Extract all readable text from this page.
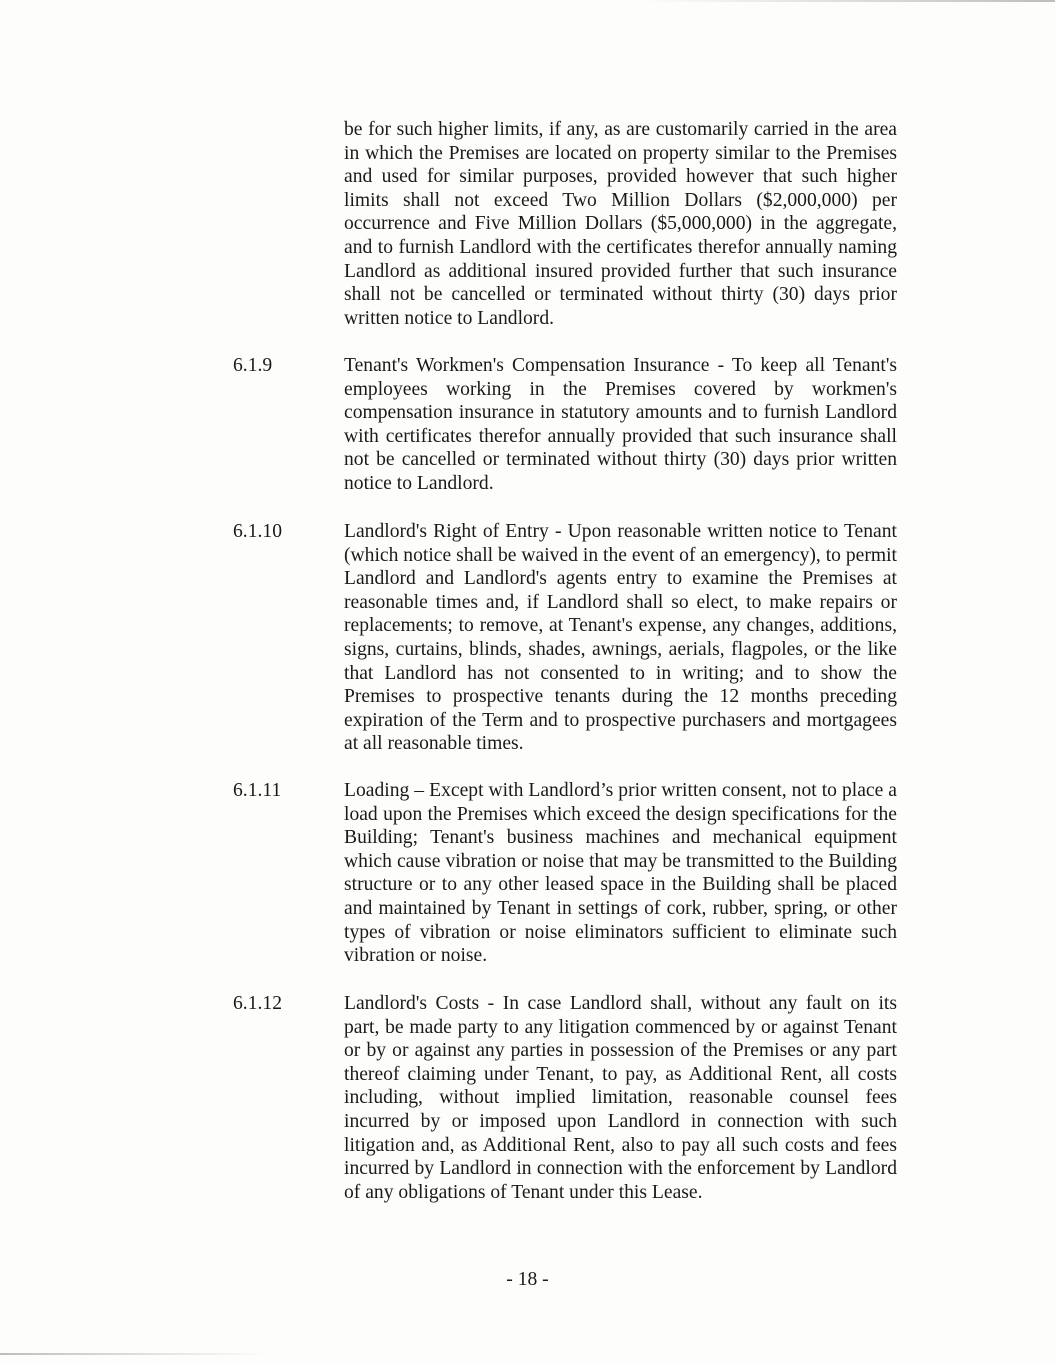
be for such higher limits, if any, as are customarily carried in the area in which the Premises are located on property similar to the Premises and used for similar purposes, provided however that such higher limits shall not exceed Two Million Dollars ($2,000,000) per occurrence and Five Million Dollars ($5,000,000) in the aggregate, and to furnish Landlord with the certificates therefor annually naming Landlord as additional insured provided further that such insurance shall not be cancelled or terminated without thirty (30) days prior written notice to Landlord.

6.1.9	Tenant's Workmen's Compensation Insurance - To keep all Tenant's employees working in the Premises covered by workmen's compensation insurance in statutory amounts and to furnish Landlord with certificates therefor annually provided that such insurance shall not be cancelled or terminated without thirty (30) days prior written notice to Landlord.

6.1.10	Landlord's Right of Entry - Upon reasonable written notice to Tenant (which notice shall be waived in the event of an emergency), to permit Landlord and Landlord's agents entry to examine the Premises at reasonable times and, if Landlord shall so elect, to make repairs or replacements; to remove, at Tenant's expense, any changes, additions, signs, curtains, blinds, shades, awnings, aerials, flagpoles, or the like that Landlord has not consented to in writing; and to show the Premises to prospective tenants during the 12 months preceding expiration of the Term and to prospective purchasers and mortgagees at all reasonable times.

6.1.11	Loading – Except with Landlord’s prior written consent, not to place a load upon the Premises which exceed the design specifications for the Building; Tenant's business machines and mechanical equipment which cause vibration or noise that may be transmitted to the Building structure or to any other leased space in the Building shall be placed and maintained by Tenant in settings of cork, rubber, spring, or other types of vibration or noise eliminators sufficient to eliminate such vibration or noise.

6.1.12	Landlord's Costs - In case Landlord shall, without any fault on its part, be made party to any litigation commenced by or against Tenant or by or against any parties in possession of the Premises or any part thereof claiming under Tenant, to pay, as Additional Rent, all costs including, without implied limitation, reasonable counsel fees incurred by or imposed upon Landlord in connection with such litigation and, as Additional Rent, also to pay all such costs and fees incurred by Landlord in connection with the enforcement by Landlord of any obligations of Tenant under this Lease.

- 18 -
